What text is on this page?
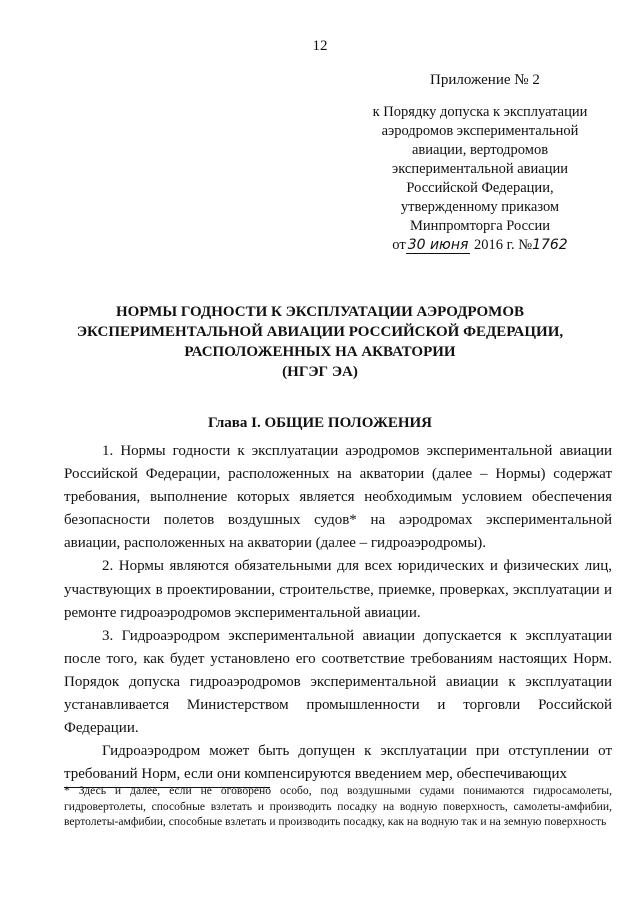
12
Приложение № 2
к Порядку допуска к эксплуатации
аэродромов экспериментальной
авиации, вертодромов
экспериментальной авиации
Российской Федерации,
утвержденному приказом
Минпромторга России
от 30 июня 2016 г. №1762
НОРМЫ ГОДНОСТИ К ЭКСПЛУАТАЦИИ АЭРОДРОМОВ
ЭКСПЕРИМЕНТАЛЬНОЙ АВИАЦИИ РОССИЙСКОЙ ФЕДЕРАЦИИ,
РАСПОЛОЖЕННЫХ НА АКВАТОРИИ
(НГЭГ ЭА)
Глава I. ОБЩИЕ ПОЛОЖЕНИЯ

1. Нормы годности к эксплуатации аэродромов экспериментальной авиации Российской Федерации, расположенных на акватории (далее – Нормы) содержат требования, выполнение которых является необходимым условием обеспечения безопасности полетов воздушных судов* на аэродромах экспериментальной авиации, расположенных на акватории (далее – гидроаэродромы).

2. Нормы являются обязательными для всех юридических и физических лиц, участвующих в проектировании, строительстве, приемке, проверках, эксплуатации и ремонте гидроаэродромов экспериментальной авиации.

3. Гидроаэродром экспериментальной авиации допускается к эксплуатации после того, как будет установлено его соответствие требованиям настоящих Норм. Порядок допуска гидроаэродромов экспериментальной авиации к эксплуатации устанавливается Министерством промышленности и торговли Российской Федерации.

Гидроаэродром может быть допущен к эксплуатации при отступлении от требований Норм, если они компенсируются введением мер, обеспечивающих

* Здесь и далее, если не оговорено особо, под воздушными судами понимаются гидросамолеты, гидровертолеты, способные взлетать и производить посадку на водную поверхность, самолеты-амфибии, вертолеты-амфибии, способные взлетать и производить посадку, как на водную так и на земную поверхность
